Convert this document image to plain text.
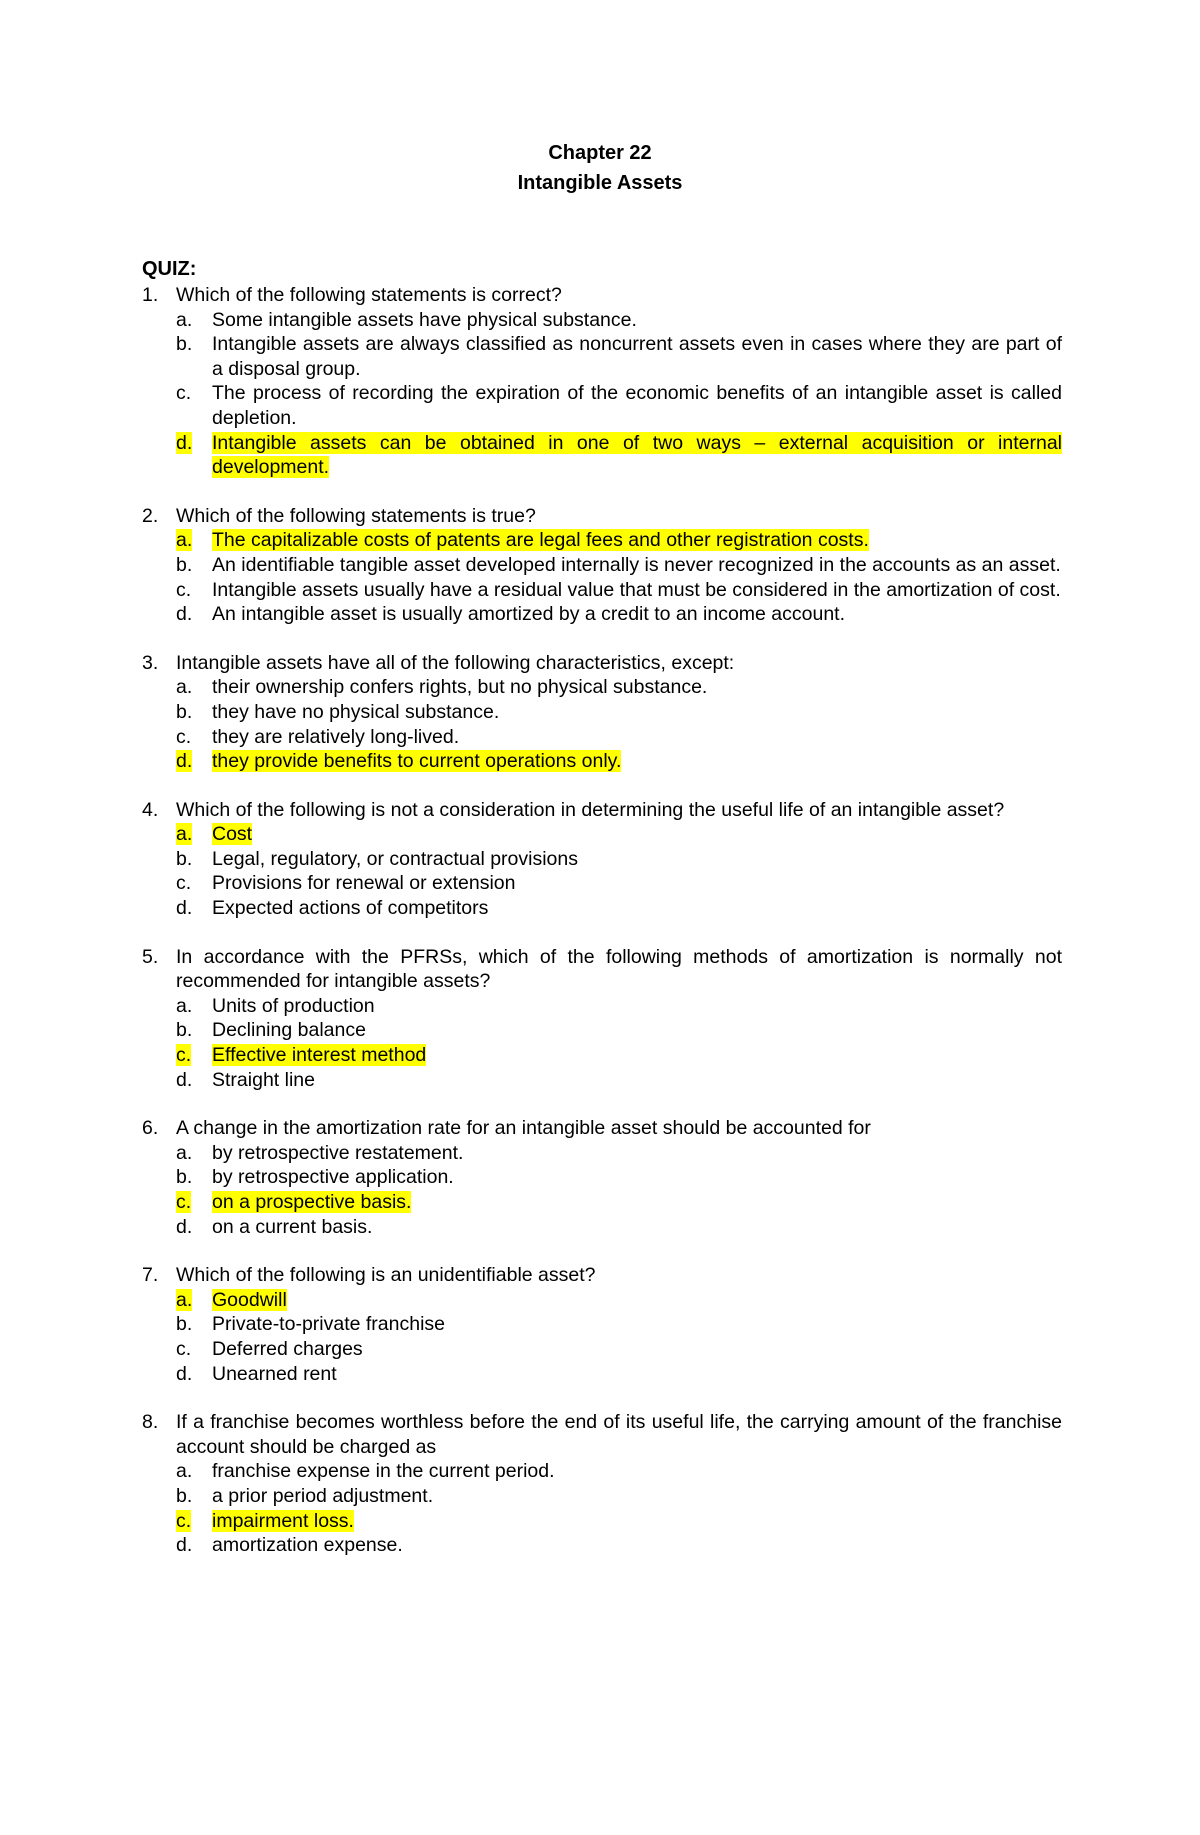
Chapter 22
Intangible Assets
QUIZ:
1. Which of the following statements is correct?
a.	Some intangible assets have physical substance.
b.	Intangible assets are always classified as noncurrent assets even in cases where they are part of a disposal group.
c.	The process of recording the expiration of the economic benefits of an intangible asset is called depletion.
d.	Intangible assets can be obtained in one of two ways – external acquisition or internal development.
2. Which of the following statements is true?
a.	The capitalizable costs of patents are legal fees and other registration costs.
b.	An identifiable tangible asset developed internally is never recognized in the accounts as an asset.
c.	Intangible assets usually have a residual value that must be considered in the amortization of cost.
d.	An intangible asset is usually amortized by a credit to an income account.
3. Intangible assets have all of the following characteristics, except:
a.	their ownership confers rights, but no physical substance.
b.	they have no physical substance.
c.	they are relatively long-lived.
d.	they provide benefits to current operations only.
4. Which of the following is not a consideration in determining the useful life of an intangible asset?
a.	Cost
b.	Legal, regulatory, or contractual provisions
c.	Provisions for renewal or extension
d.	Expected actions of competitors
5. In accordance with the PFRSs, which of the following methods of amortization is normally not recommended for intangible assets?
a.	Units of production
b.	Declining balance
c.	Effective interest method
d.	Straight line
6. A change in the amortization rate for an intangible asset should be accounted for
a.	by retrospective restatement.
b.	by retrospective application.
c.	on a prospective basis.
d.	on a current basis.
7. Which of the following is an unidentifiable asset?
a.	Goodwill
b.	Private-to-private franchise
c.	Deferred charges
d.	Unearned rent
8. If a franchise becomes worthless before the end of its useful life, the carrying amount of the franchise account should be charged as
a.	franchise expense in the current period.
b.	a prior period adjustment.
c.	impairment loss.
d.	amortization expense.
